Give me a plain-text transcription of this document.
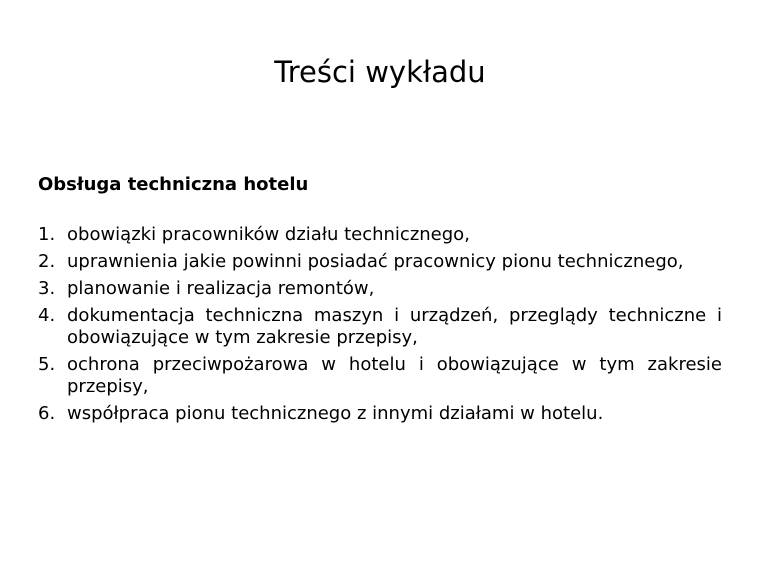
Treści wykładu

Obsługa techniczna hotelu

1. obowiązki pracowników działu technicznego,
2. uprawnienia jakie powinni posiadać pracownicy pionu technicznego,
3. planowanie i realizacja remontów,
4. dokumentacja techniczna maszyn i urządzeń, przeglądy techniczne i obowiązujące w tym zakresie przepisy,
5. ochrona przeciwpożarowa w hotelu i obowiązujące w tym zakresie przepisy,
6. współpraca pionu technicznego z innymi działami w hotelu.
